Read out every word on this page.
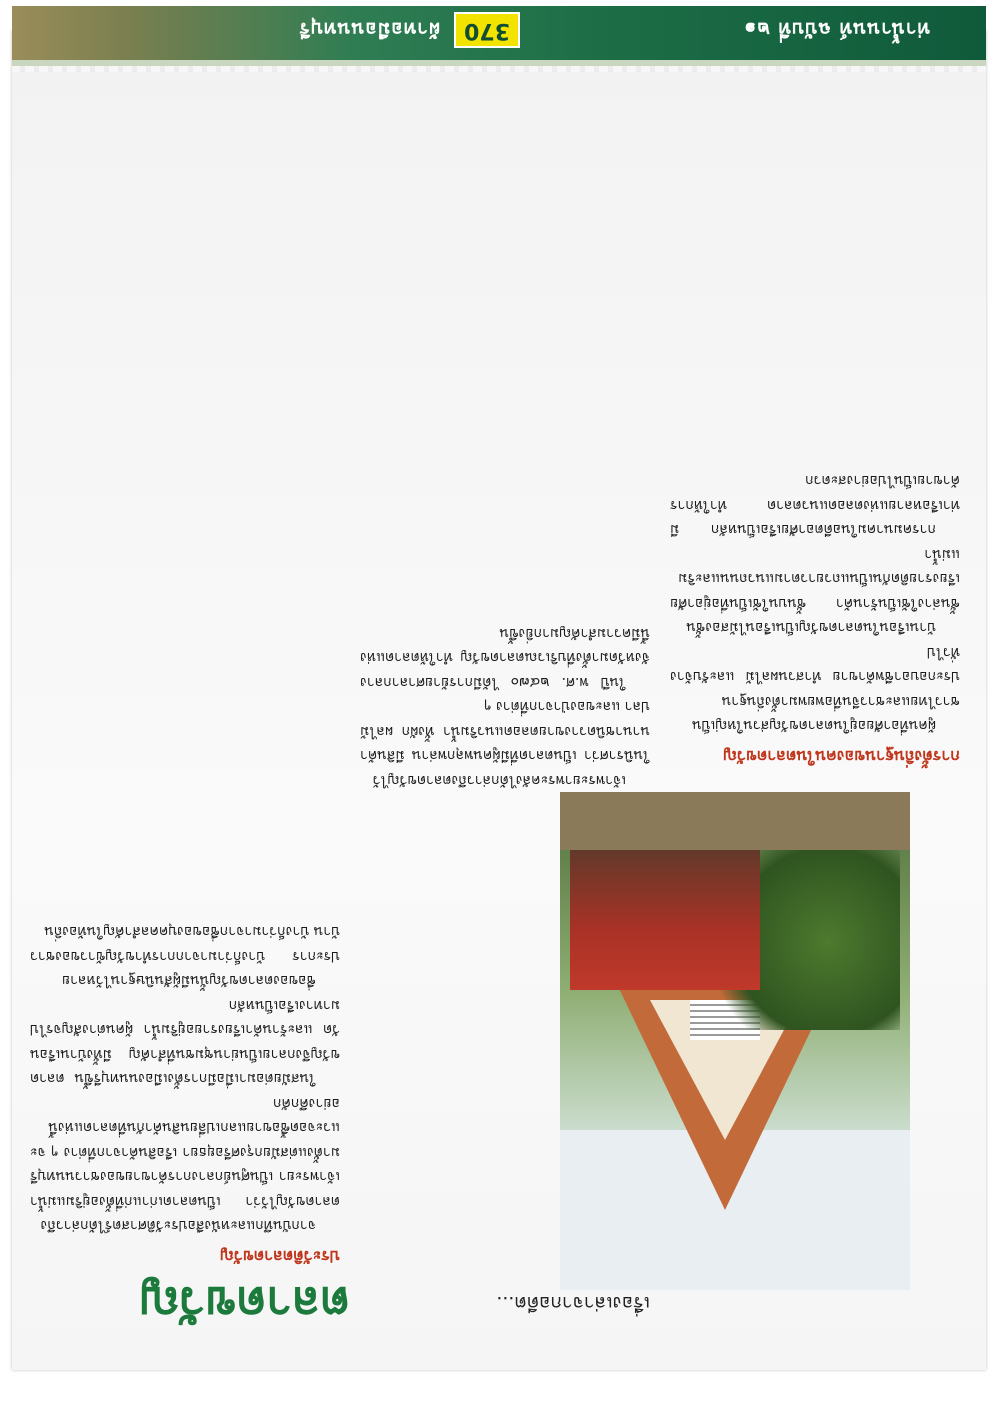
ท่าน้ำนนท์ ฉบับที่ ๒๑
370
ผ้าทอมือนนทบุรี
ตลาดขวัญ	เรื่องเล่าจากอดีต...

ประวัติตลาดขวัญ

จากบันทึกและหนังสือประวัติศาสตร์ได้กล่าวถึงตลาดขวัญไว้ว่า เป็นตลาดเก่าแก่ที่ตั้งอยู่ริมแม่น้ำเจ้าพระยา เป็นศูนย์กลางการค้าขายของชาวนนทบุรีมาตั้งแต่สมัยกรุงศรีอยุธยา เรือสินค้าจากที่ต่าง ๆ จะแวะจอดซื้อขายแลกเปลี่ยนสินค้ากันที่ตลาดแห่งนี้อย่างคึกคัก

ในสมัยต่อมาเมื่อมีการตั้งเมืองนนทบุรีขึ้น ตลาดขวัญจึงกลายเป็นย่านชุมชนที่สำคัญ มีทั้งบ้านเรือน วัด และร้านค้าเรียงรายอยู่ริมน้ำ ผู้คนต่างสัญจรไปมาทางเรือเป็นหลัก

ชื่อของตลาดขวัญนั้นมีผู้สันนิษฐานไว้หลายประการ บ้างก็ว่ามาจากการทำขวัญข้าวของชาวบ้าน บ้างก็ว่ามาจากชื่อของบุคคลสำคัญในท้องถิ่น

เจ้าพระยาพระคลังได้กล่าวถึงตลาดขวัญไว้ในนิราศว่า เป็นตลาดที่มีผู้คนพลุกพล่าน มีสินค้านานาชนิดวางขายตลอดแนวริมน้ำ ทั้งผัก ผลไม้ ปลา และของป่าจากที่ต่าง ๆ

ในปี พ.ศ. ๒๔๗๐ ได้มีการย้ายศาลากลางจังหวัดมาตั้งที่บริเวณตลาดขวัญ ทำให้ตลาดแห่งนี้มีความสำคัญมากยิ่งขึ้น

การตั้งถิ่นฐานของคนในตลาดขวัญ

ผู้คนที่อาศัยอยู่ในตลาดขวัญส่วนใหญ่เป็นชาวไทยและชาวจีนที่อพยพมาตั้งถิ่นฐาน ประกอบอาชีพค้าขาย ทำสวนผลไม้ และรับจ้างทั่วไป

บ้านเรือนในตลาดขวัญเป็นเรือนไม้สองชั้น ชั้นล่างใช้เป็นร้านค้า ชั้นบนใช้เป็นที่อยู่อาศัย เรียงรายติดกันเป็นแถวยาวตามแนวถนนและริมแม่น้ำ

การคมนาคมในอดีตอาศัยเรือเป็นหลัก มีท่าเรือหลายแห่งตลอดแนวตลาด ทำให้การค้าขายเป็นไปอย่างสะดวก
